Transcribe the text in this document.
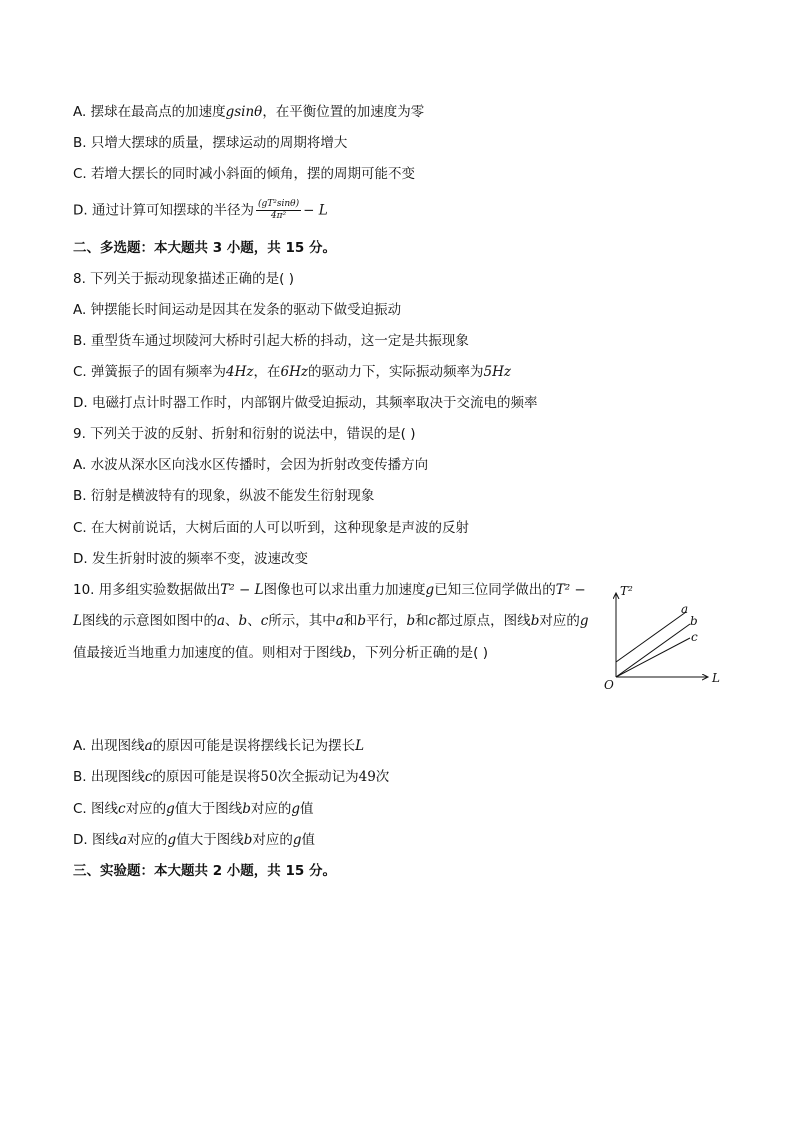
A. 摆球在最高点的加速度gsinθ，在平衡位置的加速度为零
B. 只增大摆球的质量，摆球运动的周期将增大
C. 若增大摆长的同时减小斜面的倾角，摆的周期可能不变
D. 通过计算可知摆球的半径为 $\frac{\text{(gT²sinθ)}}{\text{4π²}} - L$
二、多选题：本大题共 3 小题，共 15 分。
8. 下列关于振动现象描述正确的是( )
A. 钟摆能长时间运动是因其在发条的驱动下做受迫振动
B. 重型货车通过坝陵河大桥时引起大桥的抖动，这一定是共振现象
C. 弹簧振子的固有频率为4Hz，在6Hz的驱动力下，实际振动频率为5Hz
D. 电磁打点计时器工作时，内部钢片做受迫振动，其频率取决于交流电的频率
9. 下列关于波的反射、折射和衍射的说法中，错误的是( )
A. 水波从深水区向浅水区传播时，会因为折射改变传播方向
B. 衍射是横波特有的现象，纵波不能发生衍射现象
C. 在大树前说话，大树后面的人可以听到，这种现象是声波的反射
D. 发生折射时波的频率不变，波速改变
10. 用多组实验数据做出T² − L图像也可以求出重力加速度g已知三位同学做出的T² −
L图线的示意图如图中的a、b、c所示，其中a和b平行，b和c都过原点，图线b对应的g
值最接近当地重力加速度的值。则相对于图线b，下列分析正确的是( )
T²
L
O
a
b
c
A. 出现图线a的原因可能是误将摆线长记为摆长L
B. 出现图线c的原因可能是误将50次全振动记为49次
C. 图线c对应的g值大于图线b对应的g值
D. 图线a对应的g值大于图线b对应的g值
三、实验题：本大题共 2 小题，共 15 分。
